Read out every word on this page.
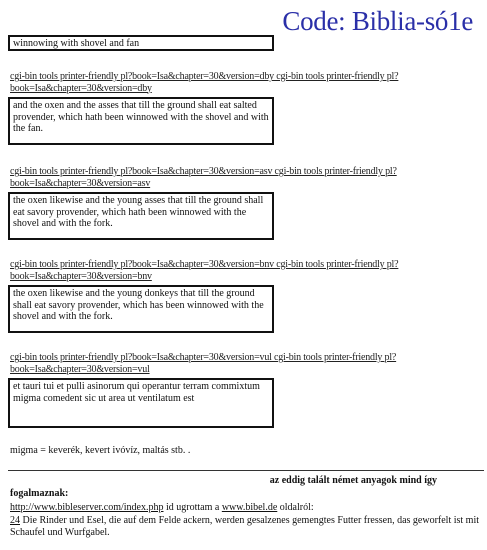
Code: Biblia-só1e
winnowing with shovel and fan
cgi-bin tools printer-friendly pl?book=Isa&chapter=30&version=dby cgi-bin tools printer-friendly pl?book=Isa&chapter=30&version=dby
and the oxen and the asses that till the ground shall eat salted provender, which hath been winnowed with the shovel and with the fan.
cgi-bin tools printer-friendly pl?book=Isa&chapter=30&version=asv cgi-bin tools printer-friendly pl?book=Isa&chapter=30&version=asv
the oxen likewise and the young asses that till the ground shall eat savory provender, which hath been winnowed with the shovel and with the fork.
cgi-bin tools printer-friendly pl?book=Isa&chapter=30&version=bnv cgi-bin tools printer-friendly pl?book=Isa&chapter=30&version=bnv
the oxen likewise and the young donkeys that till the ground shall eat savory provender, which has been winnowed with the shovel and with the fork.
cgi-bin tools printer-friendly pl?book=Isa&chapter=30&version=vul cgi-bin tools printer-friendly pl?book=Isa&chapter=30&version=vul
et tauri tui et pulli asinorum qui operantur terram commixtum migma comedent sic ut area ut ventilatum est
migma = keverék, kevert ivóvíz, maltás stb. .
az eddig talált német anyagok mind így
fogalmaznak:
http://www.bibleserver.com/index.php id ugrottam a www.bibel.de oldalról:
24 Die Rinder und Esel, die auf dem Felde ackern, werden gesalzenes gemengtes Futter fressen, das geworfelt ist mit Schaufel und Wurfgabel.
